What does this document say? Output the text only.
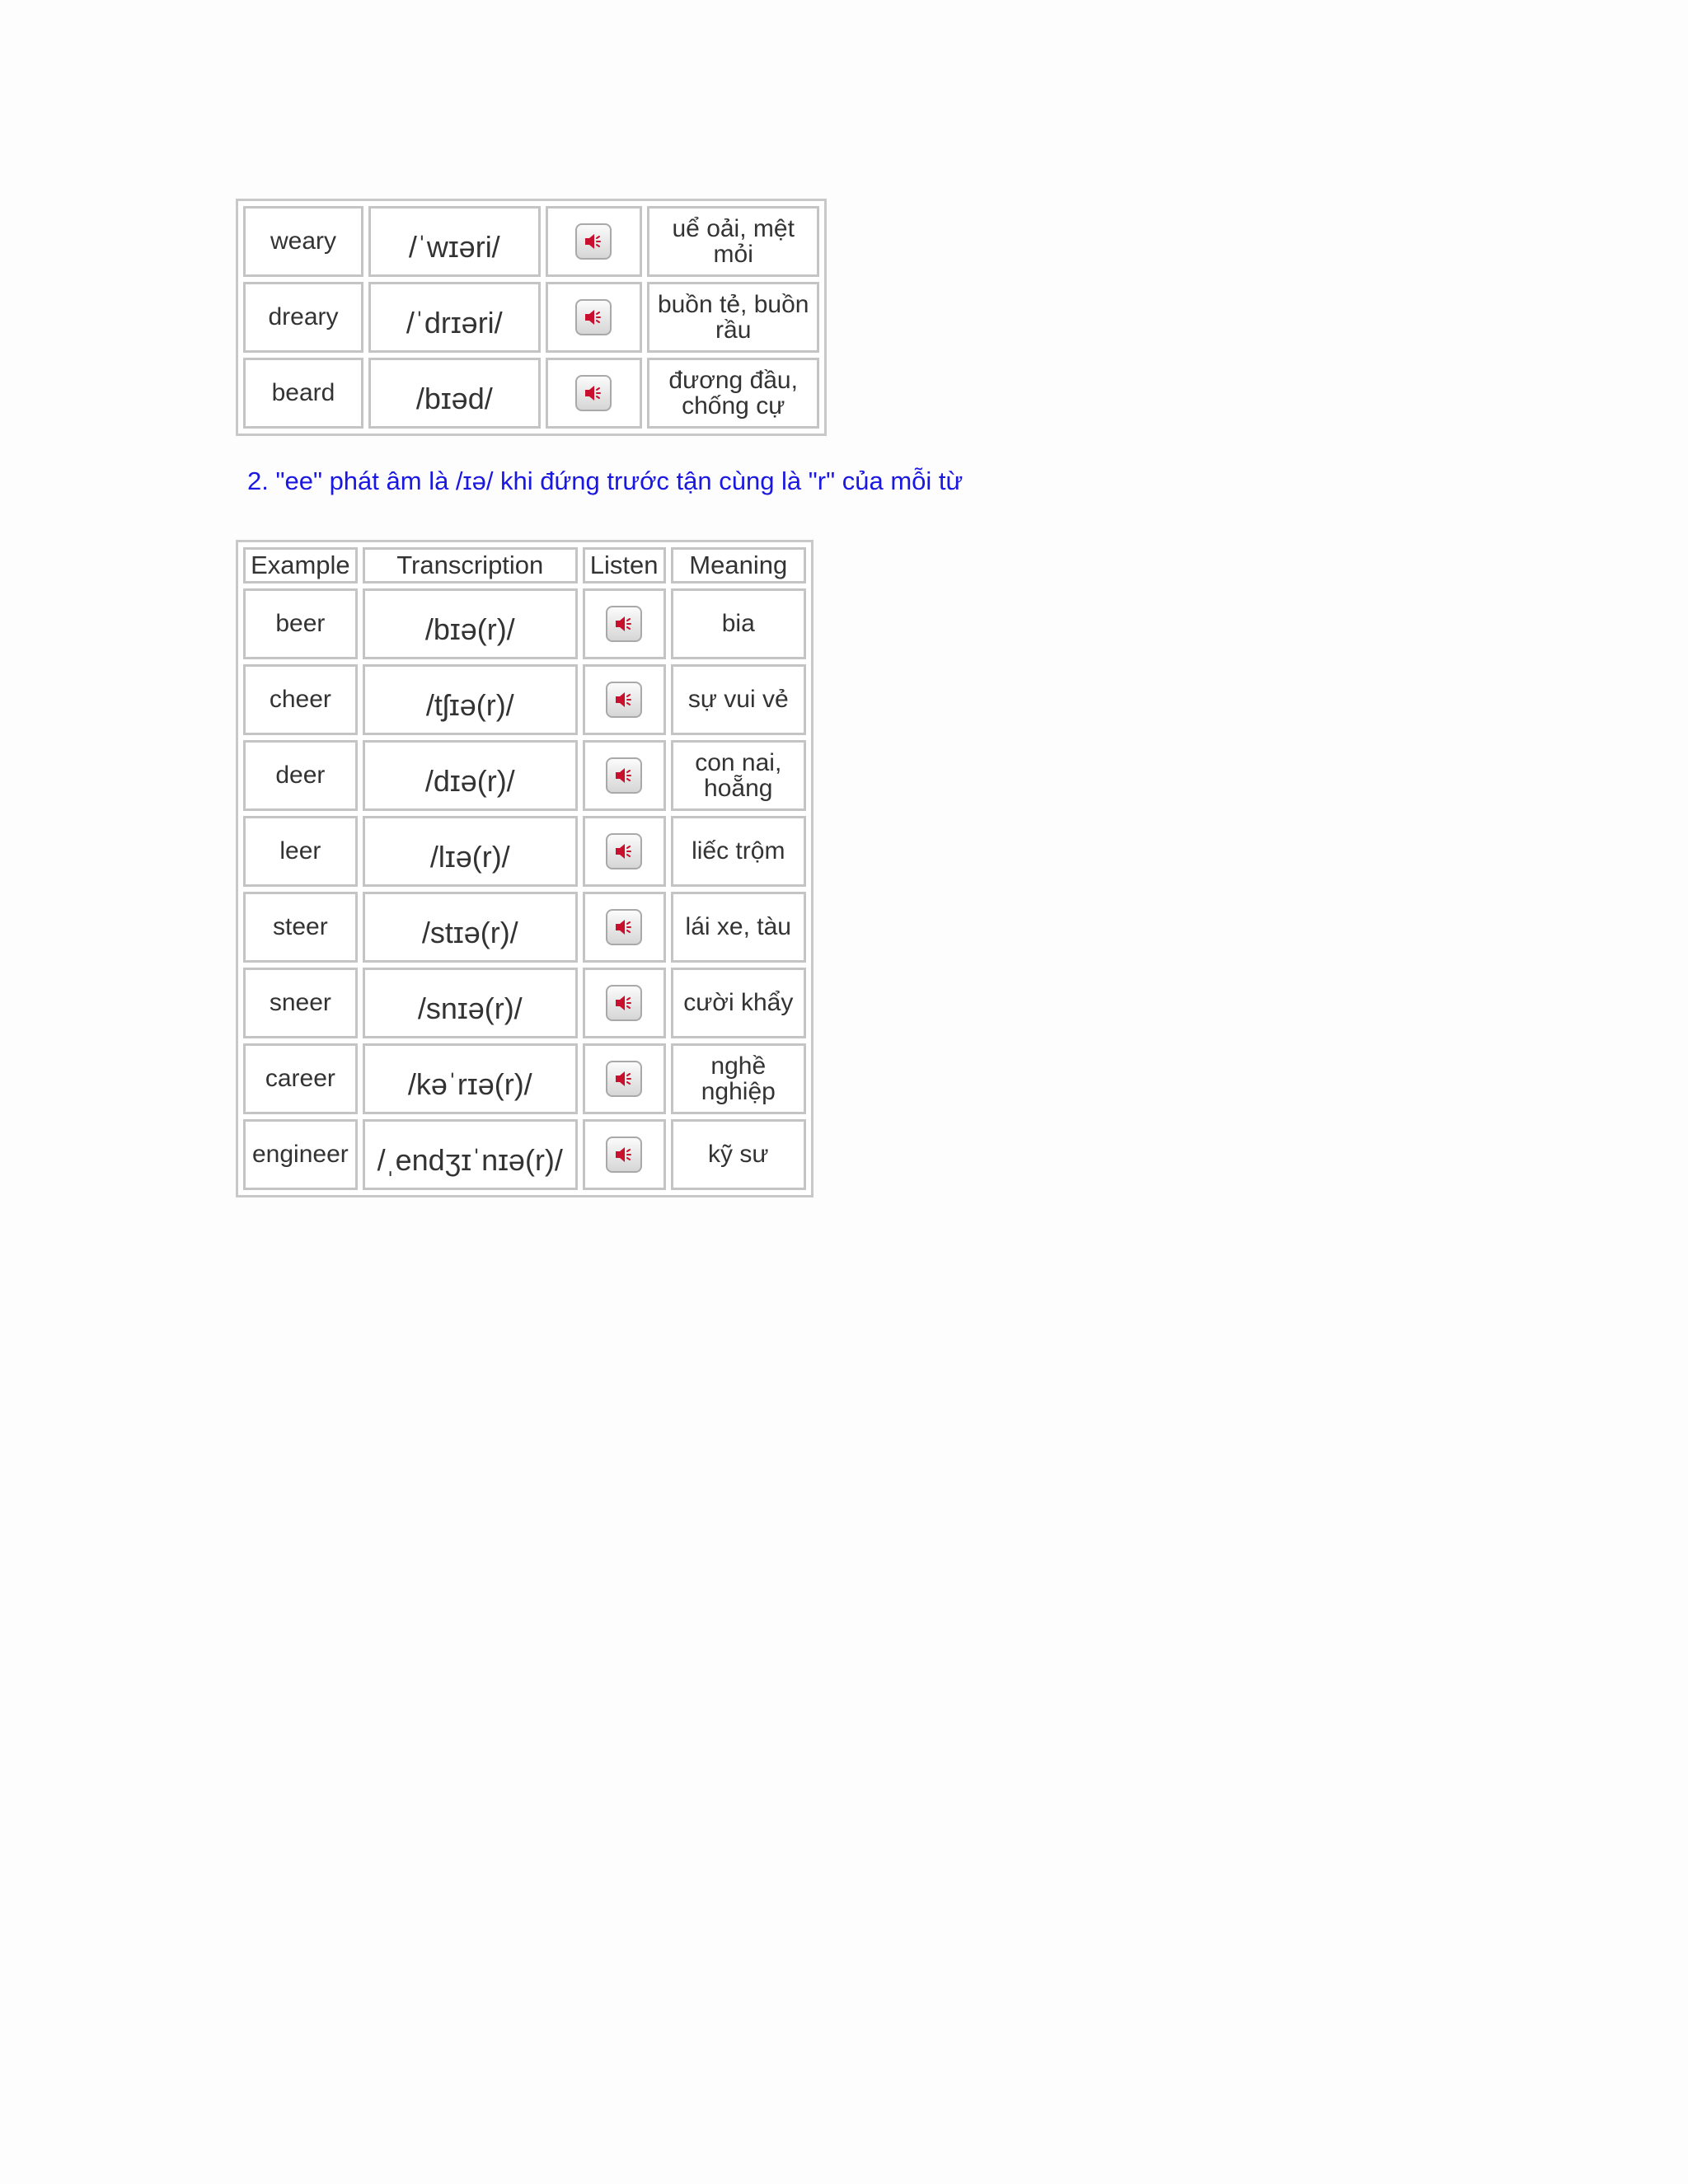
weary	/ˈwɪəri/		uể oải, mệt mỏi
dreary	/ˈdrɪəri/		buồn tẻ, buồn rầu
beard	/bɪəd/		đương đầu, chống cự
2. "ee" phát âm là /ɪə/ khi đứng trước tận cùng là "r" của mỗi từ
Example	Transcription	Listen	Meaning
beer	/bɪə(r)/		bia
cheer	/tʃɪə(r)/		sự vui vẻ
deer	/dɪə(r)/		con nai, hoẵng
leer	/lɪə(r)/		liếc trộm
steer	/stɪə(r)/		lái xe, tàu
sneer	/snɪə(r)/		cười khẩy
career	/kəˈrɪə(r)/		nghề nghiệp
engineer	/ˌendʒɪˈnɪə(r)/		kỹ sư
